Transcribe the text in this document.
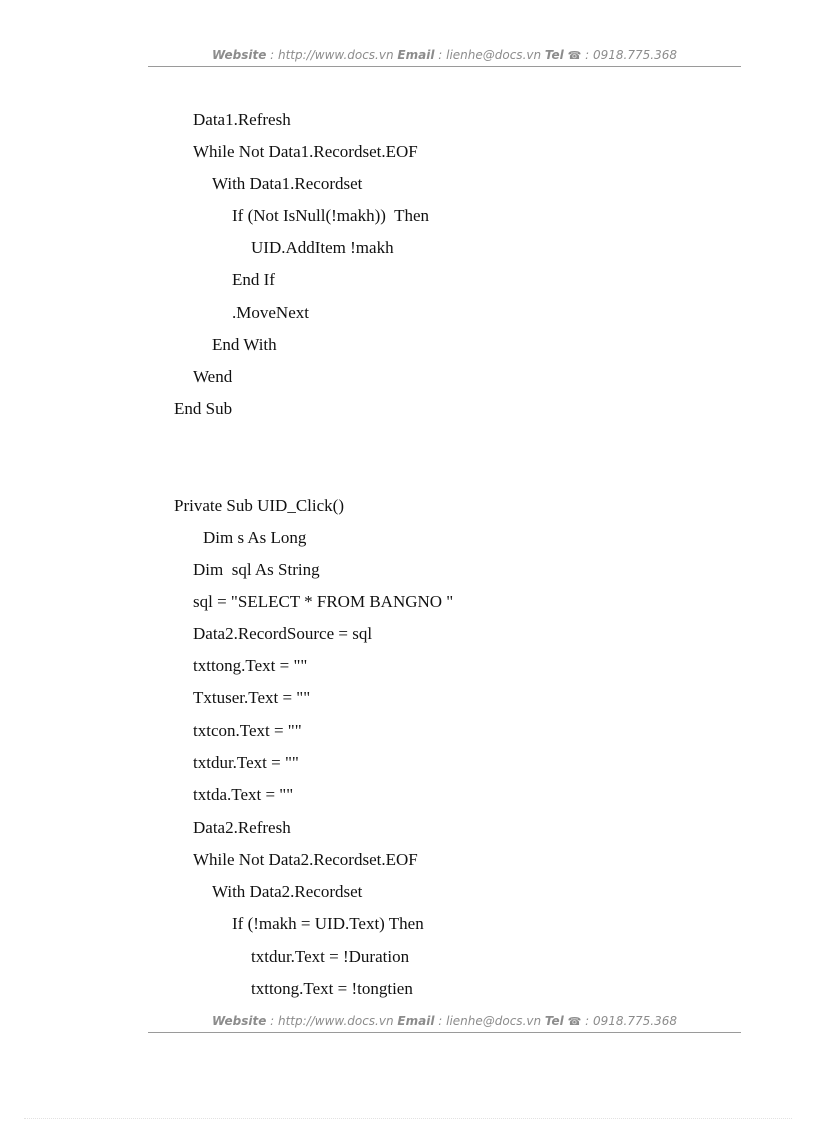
Website : http://www.docs.vn Email : lienhe@docs.vn Tel ☎ : 0918.775.368
Data1.Refresh
While Not Data1.Recordset.EOF
With Data1.Recordset
If (Not IsNull(!makh))  Then
UID.AddItem !makh
End If
.MoveNext
End With
Wend
End Sub
Private Sub UID_Click()
Dim s As Long
Dim  sql As String
sql = "SELECT * FROM BANGNO "
Data2.RecordSource = sql
txttong.Text = ""
Txtuser.Text = ""
txtcon.Text = ""
txtdur.Text = ""
txtda.Text = ""
Data2.Refresh
While Not Data2.Recordset.EOF
With Data2.Recordset
If (!makh = UID.Text) Then
txtdur.Text = !Duration
txttong.Text = !tongtien
Website : http://www.docs.vn Email : lienhe@docs.vn Tel ☎ : 0918.775.368
